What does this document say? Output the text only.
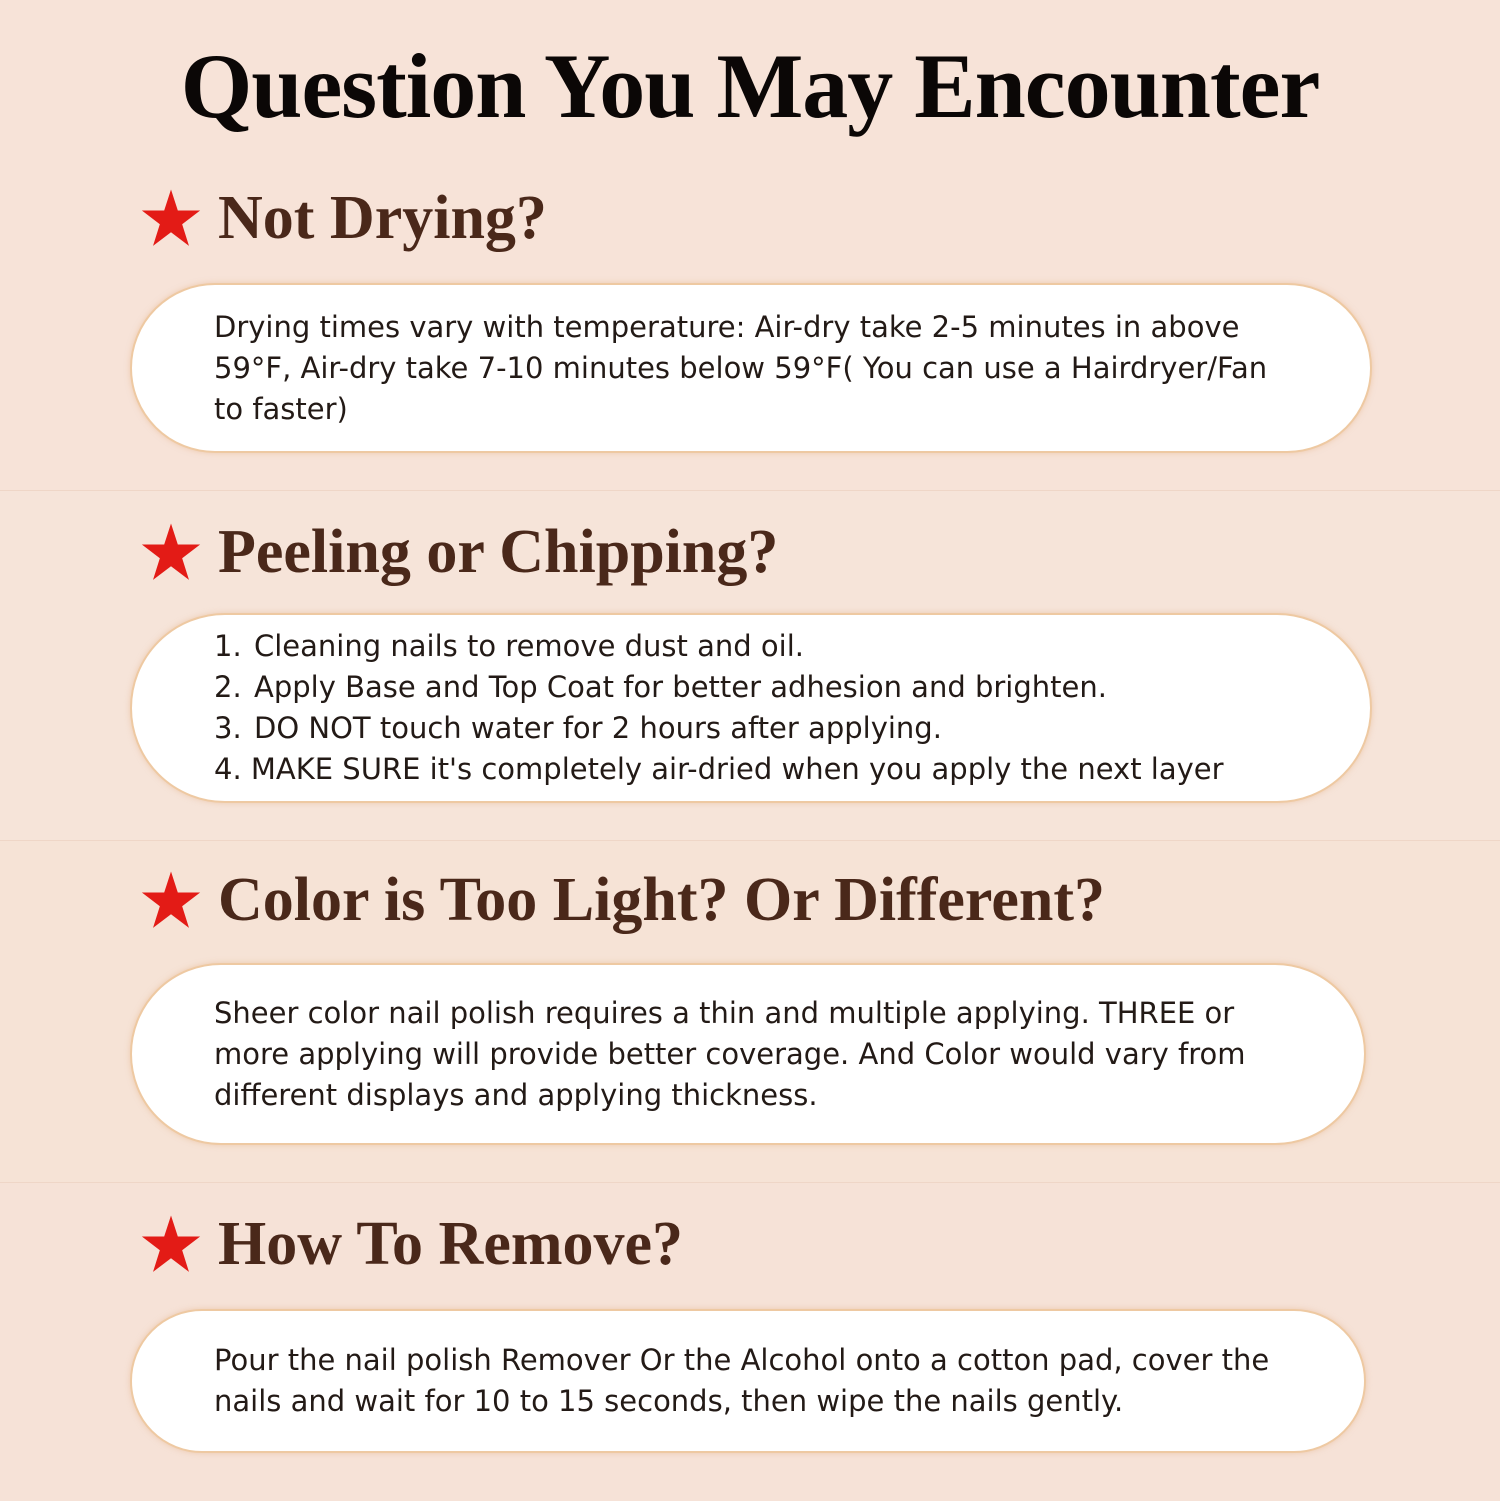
Question You May Encounter
Not Drying?

Drying times vary with temperature: Air-dry take 2-5 minutes in above 59°F, Air-dry take 7-10 minutes below 59°F( You can use a Hairdryer/Fan to faster)

Peeling or Chipping?
1. Cleaning nails to remove dust and oil.
2. Apply Base and Top Coat for better adhesion and brighten.
3. DO NOT touch water for 2 hours after applying.
4. MAKE SURE it's completely air-dried when you apply the next layer
Color is Too Light? Or Different?

Sheer color nail polish requires a thin and multiple applying. THREE or more applying will provide better coverage. And Color would vary from different displays and applying thickness.

How To Remove?

Pour the nail polish Remover Or the Alcohol onto a cotton pad, cover the nails and wait for 10 to 15 seconds, then wipe the nails gently.
